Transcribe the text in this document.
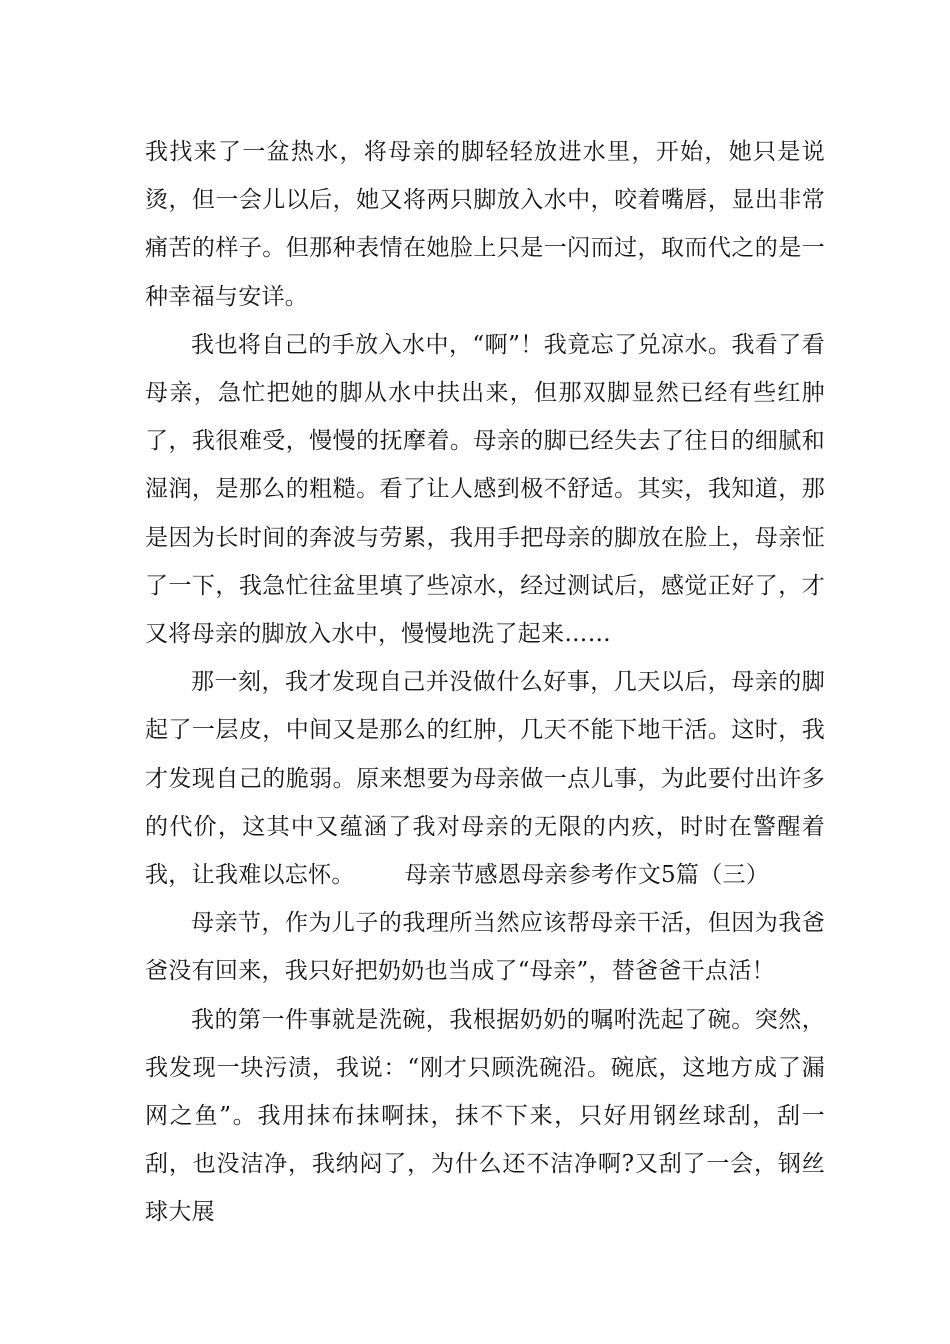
我找来了一盆热水，将母亲的脚轻轻放进水里，开始，她只是说烫，但一会儿以后，她又将两只脚放入水中，咬着嘴唇，显出非常痛苦的样子。但那种表情在她脸上只是一闪而过，取而代之的是一种幸福与安详。

我也将自己的手放入水中，“啊”！我竟忘了兑凉水。我看了看母亲，急忙把她的脚从水中扶出来，但那双脚显然已经有些红肿了，我很难受，慢慢的抚摩着。母亲的脚已经失去了往日的细腻和湿润，是那么的粗糙。看了让人感到极不舒适。其实，我知道，那是因为长时间的奔波与劳累，我用手把母亲的脚放在脸上，母亲怔了一下，我急忙往盆里填了些凉水，经过测试后，感觉正好了，才又将母亲的脚放入水中，慢慢地洗了起来……

那一刻，我才发现自己并没做什么好事，几天以后，母亲的脚起了一层皮，中间又是那么的红肿，几天不能下地干活。这时，我才发现自己的脆弱。原来想要为母亲做一点儿事，为此要付出许多的代价，这其中又蕴涵了我对母亲的无限的内疚，时时在警醒着我，让我难以忘怀。 母亲节感恩母亲参考作文5篇（三）

母亲节，作为儿子的我理所当然应该帮母亲干活，但因为我爸爸没有回来，我只好把奶奶也当成了“母亲”，替爸爸干点活！

我的第一件事就是洗碗，我根据奶奶的嘱咐洗起了碗。突然，我发现一块污渍，我说：“刚才只顾洗碗沿。碗底，这地方成了漏网之鱼”。我用抹布抹啊抹，抹不下来，只好用钢丝球刮，刮一刮，也没洁净，我纳闷了，为什么还不洁净啊?又刮了一会，钢丝球大展
